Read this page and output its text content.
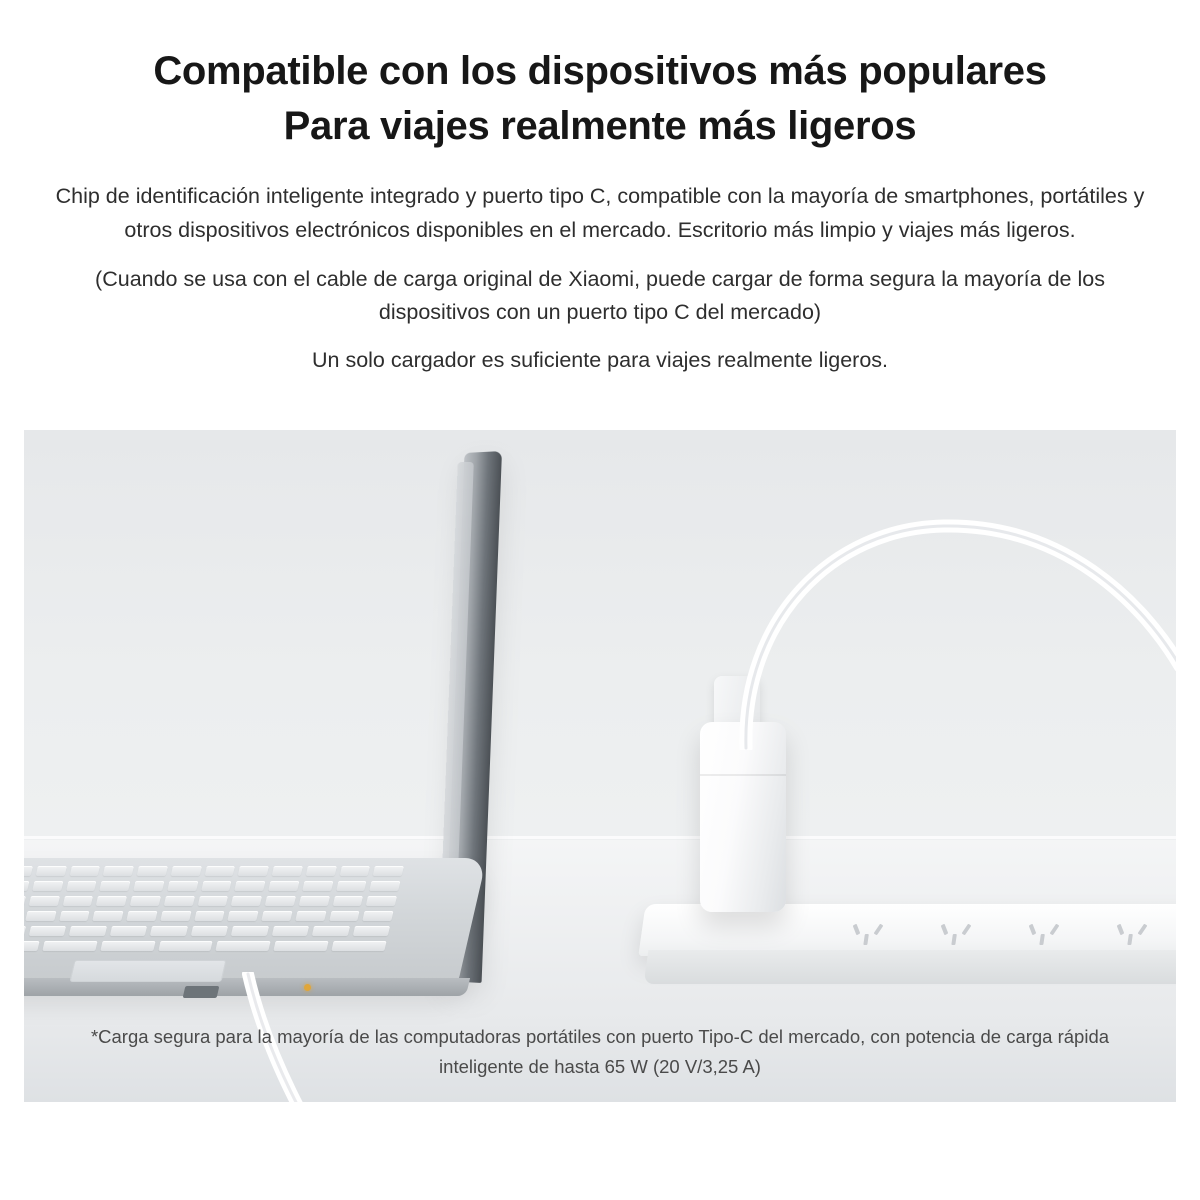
Compatible con los dispositivos más populares
Para viajes realmente más ligeros

Chip de identificación inteligente integrado y puerto tipo C, compatible con la mayoría de smartphones, portátiles y otros dispositivos electrónicos disponibles en el mercado. Escritorio más limpio y viajes más ligeros.

(Cuando se usa con el cable de carga original de Xiaomi, puede cargar de forma segura la mayoría de los dispositivos con un puerto tipo C del mercado)

Un solo cargador es suficiente para viajes realmente ligeros.

*Carga segura para la mayoría de las computadoras portátiles con puerto Tipo-C del mercado, con potencia de carga rápida
inteligente de hasta 65 W (20 V/3,25 A)
